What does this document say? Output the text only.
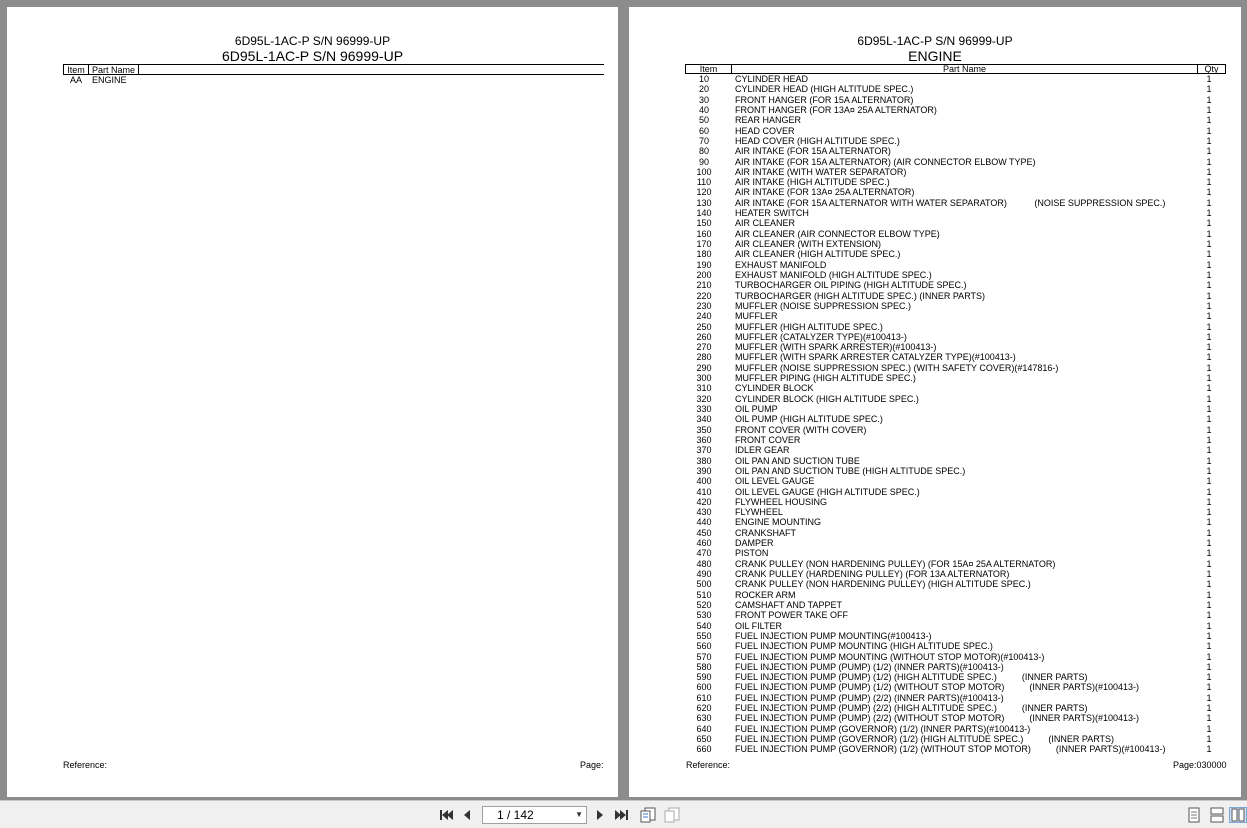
6D95L-1AC-P S/N 96999-UP
6D95L-1AC-P S/N 96999-UP
Item Part Name
AA	ENGINE
Reference:	Page:
6D95L-1AC-P S/N 96999-UP
ENGINE
Item	Part Name	Qty
10	CYLINDER HEAD	1
20	CYLINDER HEAD (HIGH ALTITUDE SPEC.)	1
30	FRONT HANGER (FOR 15A ALTERNATOR)	1
40	FRONT HANGER (FOR 13A¤ 25A ALTERNATOR)	1
50	REAR HANGER	1
60	HEAD COVER	1
70	HEAD COVER (HIGH ALTITUDE SPEC.)	1
80	AIR INTAKE (FOR 15A ALTERNATOR)	1
90	AIR INTAKE (FOR 15A ALTERNATOR) (AIR CONNECTOR ELBOW TYPE)	1
100	AIR INTAKE (WITH WATER SEPARATOR)	1
110	AIR INTAKE (HIGH ALTITUDE SPEC.)	1
120	AIR INTAKE (FOR 13A¤ 25A ALTERNATOR)	1
130	AIR INTAKE (FOR 15A ALTERNATOR WITH WATER SEPARATOR)           (NOISE SUPPRESSION SPEC.)	1
140	HEATER SWITCH	1
150	AIR CLEANER	1
160	AIR CLEANER (AIR CONNECTOR ELBOW TYPE)	1
170	AIR CLEANER (WITH EXTENSION)	1
180	AIR CLEANER (HIGH ALTITUDE SPEC.)	1
190	EXHAUST MANIFOLD	1
200	EXHAUST MANIFOLD (HIGH ALTITUDE SPEC.)	1
210	TURBOCHARGER OIL PIPING (HIGH ALTITUDE SPEC.)	1
220	TURBOCHARGER (HIGH ALTITUDE SPEC.) (INNER PARTS)	1
230	MUFFLER (NOISE SUPPRESSION SPEC.)	1
240	MUFFLER	1
250	MUFFLER (HIGH ALTITUDE SPEC.)	1
260	MUFFLER (CATALYZER TYPE)(#100413-)	1
270	MUFFLER (WITH SPARK ARRESTER)(#100413-)	1
280	MUFFLER (WITH SPARK ARRESTER CATALYZER TYPE)(#100413-)	1
290	MUFFLER (NOISE SUPPRESSION SPEC.) (WITH SAFETY COVER)(#147816-)	1
300	MUFFLER PIPING (HIGH ALTITUDE SPEC.)	1
310	CYLINDER BLOCK	1
320	CYLINDER BLOCK (HIGH ALTITUDE SPEC.)	1
330	OIL PUMP	1
340	OIL PUMP (HIGH ALTITUDE SPEC.)	1
350	FRONT COVER (WITH COVER)	1
360	FRONT COVER	1
370	IDLER GEAR	1
380	OIL PAN AND SUCTION TUBE	1
390	OIL PAN AND SUCTION TUBE (HIGH ALTITUDE SPEC.)	1
400	OIL LEVEL GAUGE	1
410	OIL LEVEL GAUGE (HIGH ALTITUDE SPEC.)	1
420	FLYWHEEL HOUSING	1
430	FLYWHEEL	1
440	ENGINE MOUNTING	1
450	CRANKSHAFT	1
460	DAMPER	1
470	PISTON	1
480	CRANK PULLEY (NON HARDENING PULLEY) (FOR 15A¤ 25A ALTERNATOR)	1
490	CRANK PULLEY (HARDENING PULLEY) (FOR 13A ALTERNATOR)	1
500	CRANK PULLEY (NON HARDENING PULLEY) (HIGH ALTITUDE SPEC.)	1
510	ROCKER ARM	1
520	CAMSHAFT AND TAPPET	1
530	FRONT POWER TAKE OFF	1
540	OIL FILTER	1
550	FUEL INJECTION PUMP MOUNTING(#100413-)	1
560	FUEL INJECTION PUMP MOUNTING (HIGH ALTITUDE SPEC.)	1
570	FUEL INJECTION PUMP MOUNTING (WITHOUT STOP MOTOR)(#100413-)	1
580	FUEL INJECTION PUMP (PUMP) (1/2) (INNER PARTS)(#100413-)	1
590	FUEL INJECTION PUMP (PUMP) (1/2) (HIGH ALTITUDE SPEC.)          (INNER PARTS)	1
600	FUEL INJECTION PUMP (PUMP) (1/2) (WITHOUT STOP MOTOR)          (INNER PARTS)(#100413-)	1
610	FUEL INJECTION PUMP (PUMP) (2/2) (INNER PARTS)(#100413-)	1
620	FUEL INJECTION PUMP (PUMP) (2/2) (HIGH ALTITUDE SPEC.)          (INNER PARTS)	1
630	FUEL INJECTION PUMP (PUMP) (2/2) (WITHOUT STOP MOTOR)          (INNER PARTS)(#100413-)	1
640	FUEL INJECTION PUMP (GOVERNOR) (1/2) (INNER PARTS)(#100413-)	1
650	FUEL INJECTION PUMP (GOVERNOR) (1/2) (HIGH ALTITUDE SPEC.)          (INNER PARTS)	1
660	FUEL INJECTION PUMP (GOVERNOR) (1/2) (WITHOUT STOP MOTOR)          (INNER PARTS)(#100413-)	1
Reference:	Page:030000
1 / 142	▼
